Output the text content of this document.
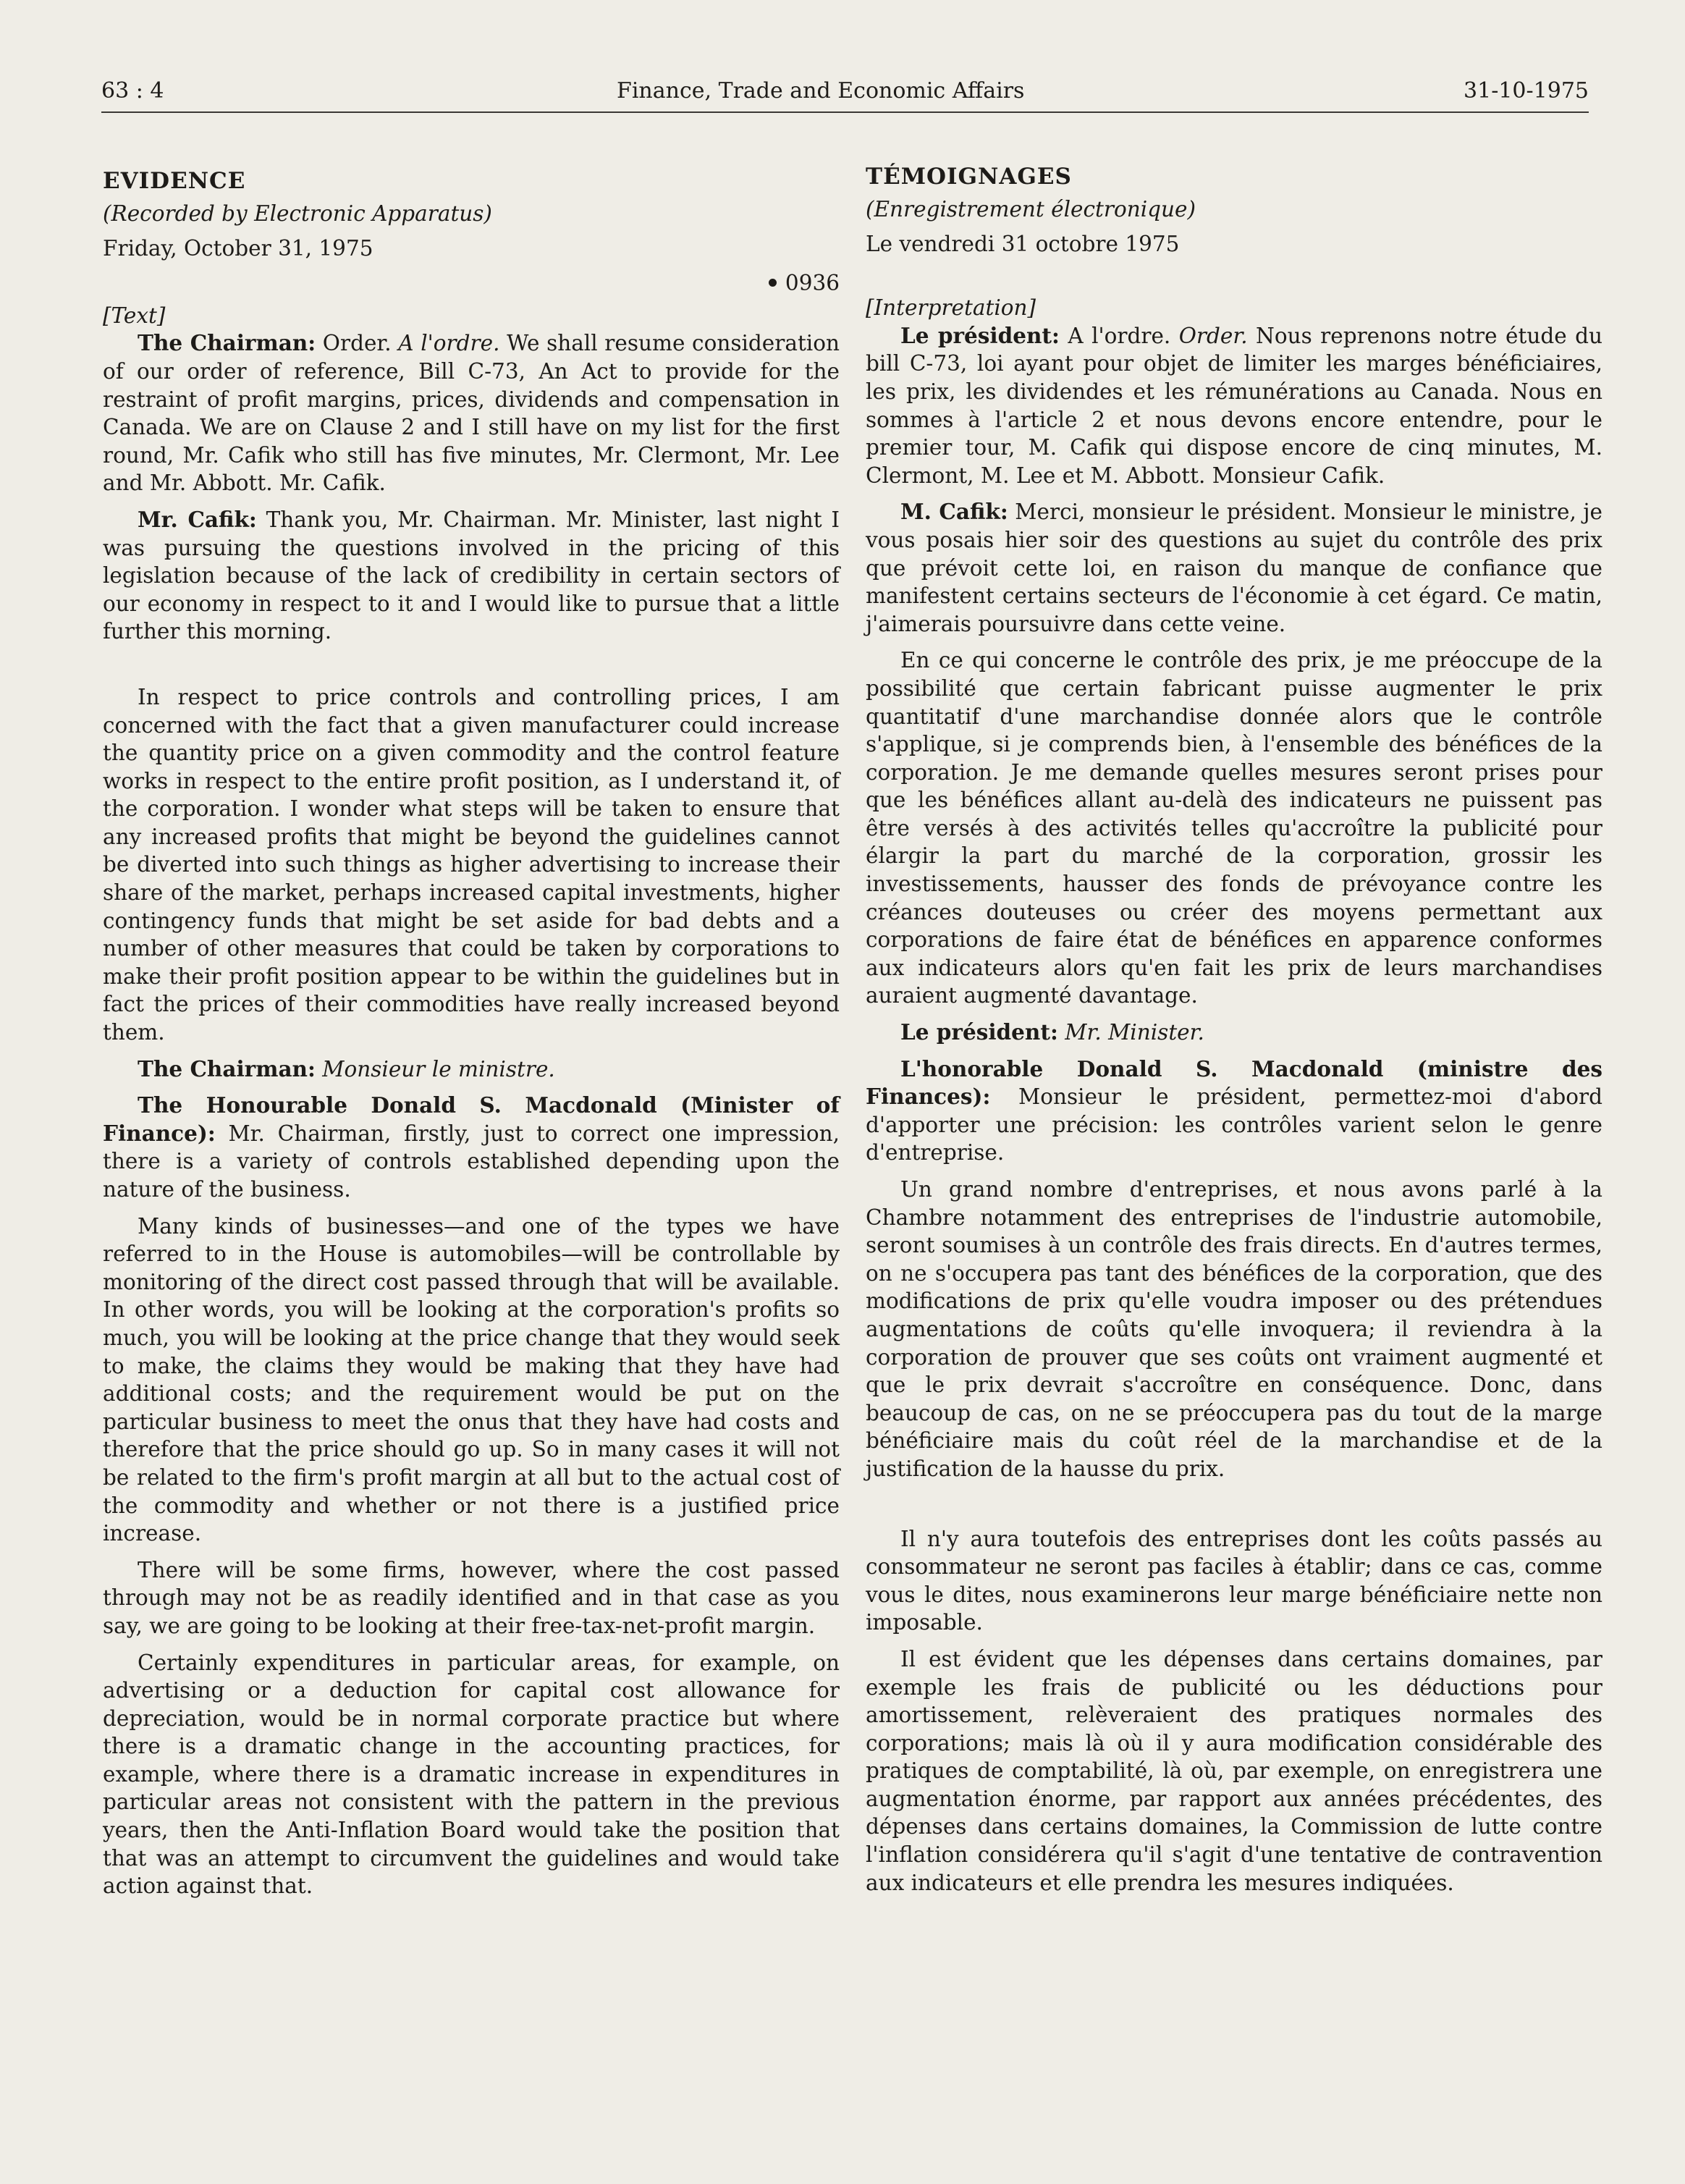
63 : 4	Finance, Trade and Economic Affairs	31-10-1975

EVIDENCE

(Recorded by Electronic Apparatus)

Friday, October 31, 1975

0936

[Text]

The Chairman: Order. A l'ordre. We shall resume consideration of our order of reference, Bill C-73, An Act to provide for the restraint of profit margins, prices, dividends and compensation in Canada. We are on Clause 2 and I still have on my list for the first round, Mr. Cafik who still has five minutes, Mr. Clermont, Mr. Lee and Mr. Abbott. Mr. Cafik.

Mr. Cafik: Thank you, Mr. Chairman. Mr. Minister, last night I was pursuing the questions involved in the pricing of this legislation because of the lack of credibility in certain sectors of our economy in respect to it and I would like to pursue that a little further this morning.

In respect to price controls and controlling prices, I am concerned with the fact that a given manufacturer could increase the quantity price on a given commodity and the control feature works in respect to the entire profit position, as I understand it, of the corporation. I wonder what steps will be taken to ensure that any increased profits that might be beyond the guidelines cannot be diverted into such things as higher advertising to increase their share of the market, perhaps increased capital investments, higher contingency funds that might be set aside for bad debts and a number of other measures that could be taken by corporations to make their profit position appear to be within the guidelines but in fact the prices of their commodities have really increased beyond them.

The Chairman: Monsieur le ministre.

The Honourable Donald S. Macdonald (Minister of Finance): Mr. Chairman, firstly, just to correct one impression, there is a variety of controls established depending upon the nature of the business.

Many kinds of businesses—and one of the types we have referred to in the House is automobiles—will be controllable by monitoring of the direct cost passed through that will be available. In other words, you will be looking at the corporation's profits so much, you will be looking at the price change that they would seek to make, the claims they would be making that they have had additional costs; and the requirement would be put on the particular business to meet the onus that they have had costs and therefore that the price should go up. So in many cases it will not be related to the firm's profit margin at all but to the actual cost of the commodity and whether or not there is a justified price increase.

There will be some firms, however, where the cost passed through may not be as readily identified and in that case as you say, we are going to be looking at their free-tax-net-profit margin.

Certainly expenditures in particular areas, for example, on advertising or a deduction for capital cost allowance for depreciation, would be in normal corporate practice but where there is a dramatic change in the accounting practices, for example, where there is a dramatic increase in expenditures in particular areas not consistent with the pattern in the previous years, then the Anti-Inflation Board would take the position that that was an attempt to circumvent the guidelines and would take action against that.

TÉMOIGNAGES

(Enregistrement électronique)

Le vendredi 31 octobre 1975

[Interpretation]

Le président: A l'ordre. Order. Nous reprenons notre étude du bill C-73, loi ayant pour objet de limiter les marges bénéficiaires, les prix, les dividendes et les rémunérations au Canada. Nous en sommes à l'article 2 et nous devons encore entendre, pour le premier tour, M. Cafik qui dispose encore de cinq minutes, M. Clermont, M. Lee et M. Abbott. Monsieur Cafik.

M. Cafik: Merci, monsieur le président. Monsieur le ministre, je vous posais hier soir des questions au sujet du contrôle des prix que prévoit cette loi, en raison du manque de confiance que manifestent certains secteurs de l'économie à cet égard. Ce matin, j'aimerais poursuivre dans cette veine.

En ce qui concerne le contrôle des prix, je me préoccupe de la possibilité que certain fabricant puisse augmenter le prix quantitatif d'une marchandise donnée alors que le contrôle s'applique, si je comprends bien, à l'ensemble des bénéfices de la corporation. Je me demande quelles mesures seront prises pour que les bénéfices allant au-delà des indicateurs ne puissent pas être versés à des activités telles qu'accroître la publicité pour élargir la part du marché de la corporation, grossir les investissements, hausser des fonds de prévoyance contre les créances douteuses ou créer des moyens permettant aux corporations de faire état de bénéfices en apparence conformes aux indicateurs alors qu'en fait les prix de leurs marchandises auraient augmenté davantage.

Le président: Mr. Minister.

L'honorable Donald S. Macdonald (ministre des Finances): Monsieur le président, permettez-moi d'abord d'apporter une précision: les contrôles varient selon le genre d'entreprise.

Un grand nombre d'entreprises, et nous avons parlé à la Chambre notamment des entreprises de l'industrie automobile, seront soumises à un contrôle des frais directs. En d'autres termes, on ne s'occupera pas tant des bénéfices de la corporation, que des modifications de prix qu'elle voudra imposer ou des prétendues augmentations de coûts qu'elle invoquera; il reviendra à la corporation de prouver que ses coûts ont vraiment augmenté et que le prix devrait s'accroître en conséquence. Donc, dans beaucoup de cas, on ne se préoccupera pas du tout de la marge bénéficiaire mais du coût réel de la marchandise et de la justification de la hausse du prix.

Il n'y aura toutefois des entreprises dont les coûts passés au consommateur ne seront pas faciles à établir; dans ce cas, comme vous le dites, nous examinerons leur marge bénéficiaire nette non imposable.

Il est évident que les dépenses dans certains domaines, par exemple les frais de publicité ou les déductions pour amortissement, relèveraient des pratiques normales des corporations; mais là où il y aura modification considérable des pratiques de comptabilité, là où, par exemple, on enregistrera une augmentation énorme, par rapport aux années précédentes, des dépenses dans certains domaines, la Commission de lutte contre l'inflation considérera qu'il s'agit d'une tentative de contravention aux indicateurs et elle prendra les mesures indiquées.
